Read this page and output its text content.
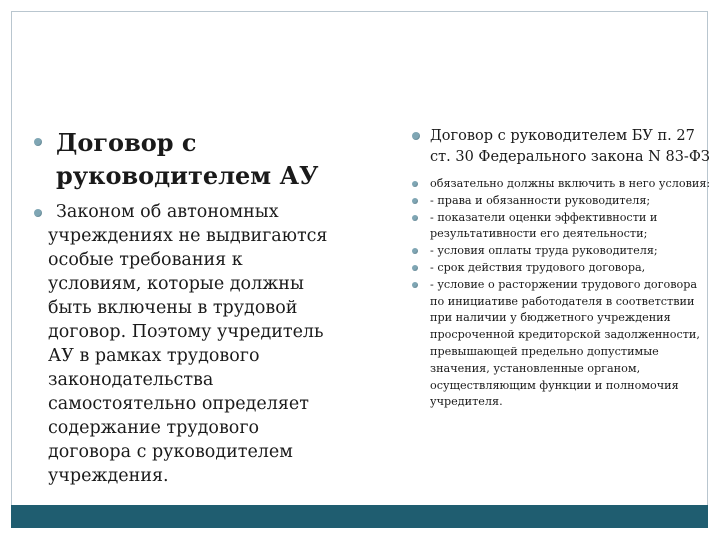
Договор с
руководителем АУ

Законом об автономных учреждениях не выдвигаются особые требования к условиям, которые должны быть включены в трудовой договор. Поэтому учредитель АУ в рамках трудового законодательства самостоятельно определяет содержание трудового договора с руководителем учреждения.

Договор с руководителем БУ п. 27 ст. 30 Федерального закона N 83-ФЗ

обязательно должны включить в него условия:
- права и обязанности руководителя;
- показатели оценки эффективности и результативности его деятельности;
- условия оплаты труда руководителя;
- срок действия трудового договора,
- условие о расторжении трудового договора по инициативе работодателя в соответствии при наличии у бюджетного учреждения просроченной кредиторской задолженности, превышающей предельно допустимые значения, установленные органом, осуществляющим функции и полномочия учредителя.
